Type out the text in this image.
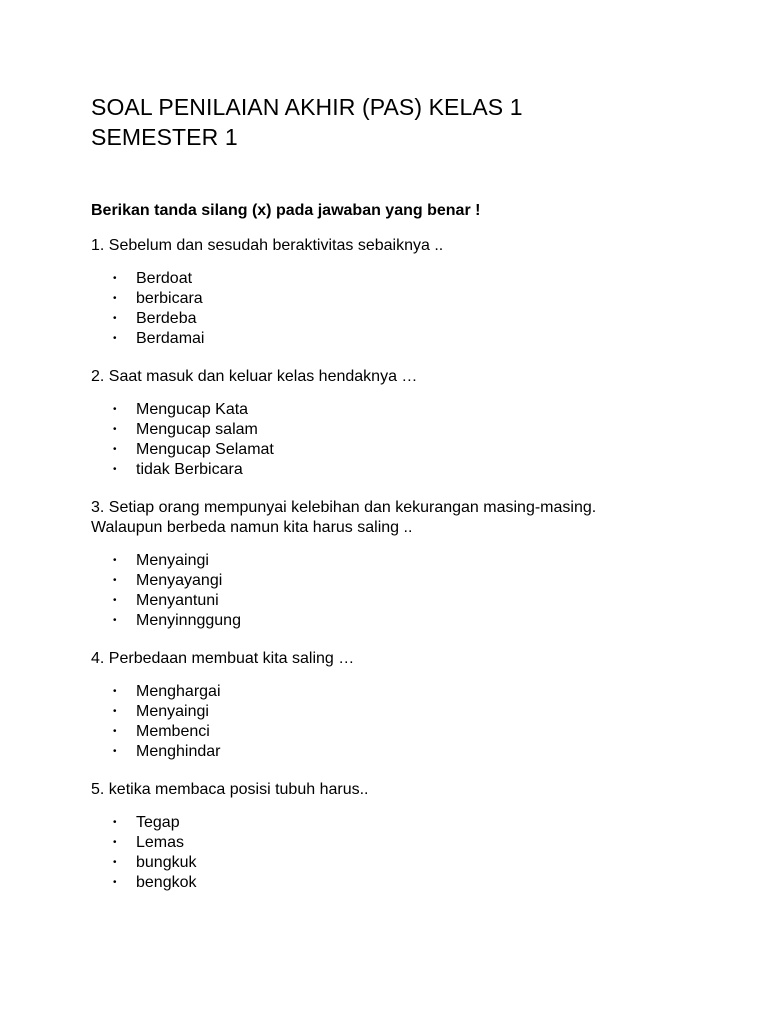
SOAL PENILAIAN AKHIR (PAS) KELAS 1
SEMESTER 1

Berikan tanda silang (x) pada jawaban yang benar !

1. Sebelum dan sesudah beraktivitas sebaiknya ..

• Berdoat
• berbicara
• Berdeba
• Berdamai

2. Saat masuk dan keluar kelas hendaknya …

• Mengucap Kata
• Mengucap salam
• Mengucap Selamat
• tidak Berbicara

3. Setiap orang mempunyai kelebihan dan kekurangan masing-masing.
Walaupun berbeda namun kita harus saling ..

• Menyaingi
• Menyayangi
• Menyantuni
• Menyinnggung

4. Perbedaan membuat kita saling …

• Menghargai
• Menyaingi
• Membenci
• Menghindar

5. ketika membaca posisi tubuh harus..

• Tegap
• Lemas
• bungkuk
• bengkok
